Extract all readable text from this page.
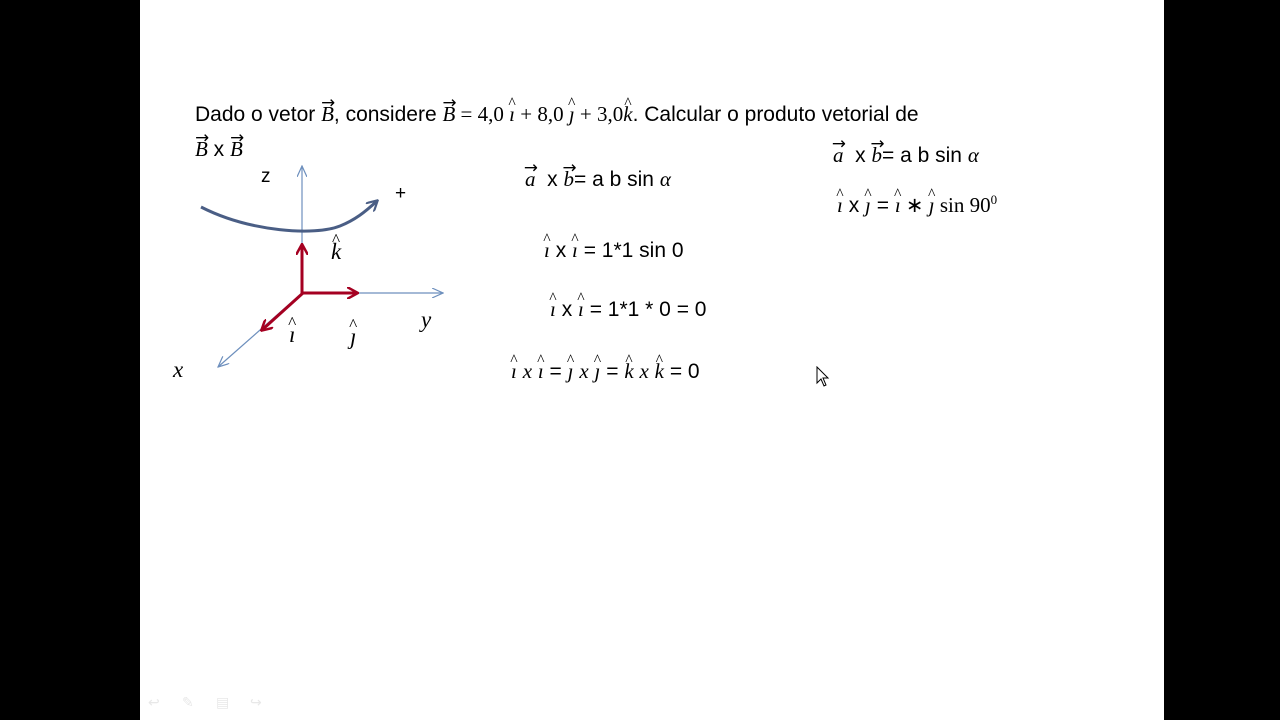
Dado o vetor → B, considere → B = 4,0 ^ ı + 8,0 ^ ȷ + 3,0^ k. Calcular o produto vetorial de
→ B x → B
z
+
^ k
y
^ ı ^ ȷ
x
→ a x → b= a b sin α
^ ı x ^ ı = 1*1 sin 0
^ ı x ^ ı = 1*1 * 0 = 0
^ ı x ^ ı = ^ ȷ x ^ ȷ = ^ k x ^ k = 0
→ a x → b= a b sin α
^ ı x ^ ȷ = ^ ı ∗ ^ ȷ $\sin 90^0$
↩	✎	▤	↪
